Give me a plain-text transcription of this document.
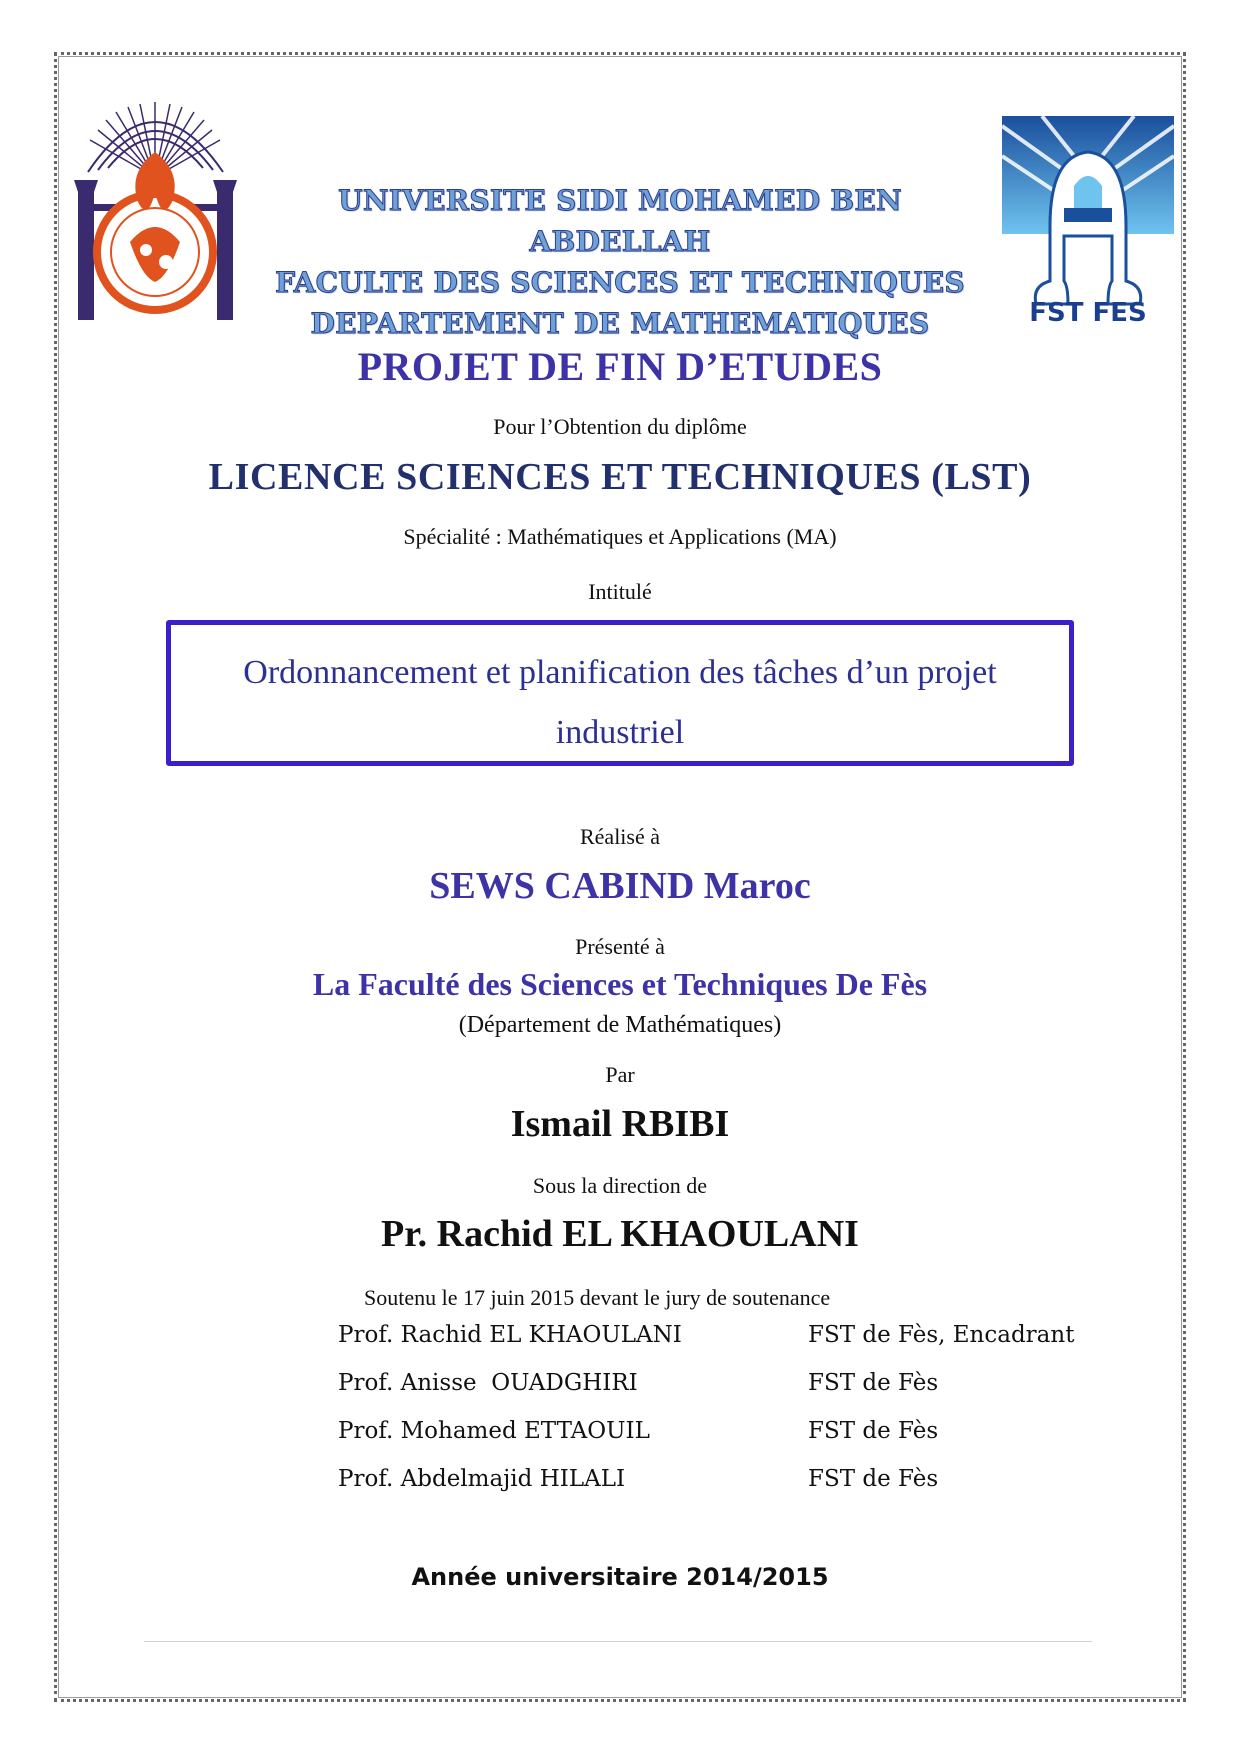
FST FES
UNIVERSITE SIDI MOHAMED BEN ABDELLAH
FACULTE DES SCIENCES ET TECHNIQUES
DEPARTEMENT DE MATHEMATIQUES
PROJET DE FIN D’ETUDES
Pour l’Obtention du diplôme
LICENCE SCIENCES ET TECHNIQUES (LST)
Spécialité : Mathématiques et Applications (MA)
Intitulé
Ordonnancement et planification des tâches d’un projet
industriel
Réalisé à
SEWS CABIND Maroc
Présenté à
La Faculté des Sciences et Techniques De Fès
(Département de Mathématiques)
Par
Ismail RBIBI
Sous la direction de
Pr. Rachid EL KHAOULANI
Soutenu le 17 juin 2015 devant le jury de soutenance
Prof. Rachid EL KHAOULANI	FST de Fès, Encadrant
Prof. Anisse  OUADGHIRI	FST de Fès
Prof. Mohamed ETTAOUIL	FST de Fès
Prof. Abdelmajid HILALI	FST de Fès
Année universitaire 2014/2015
